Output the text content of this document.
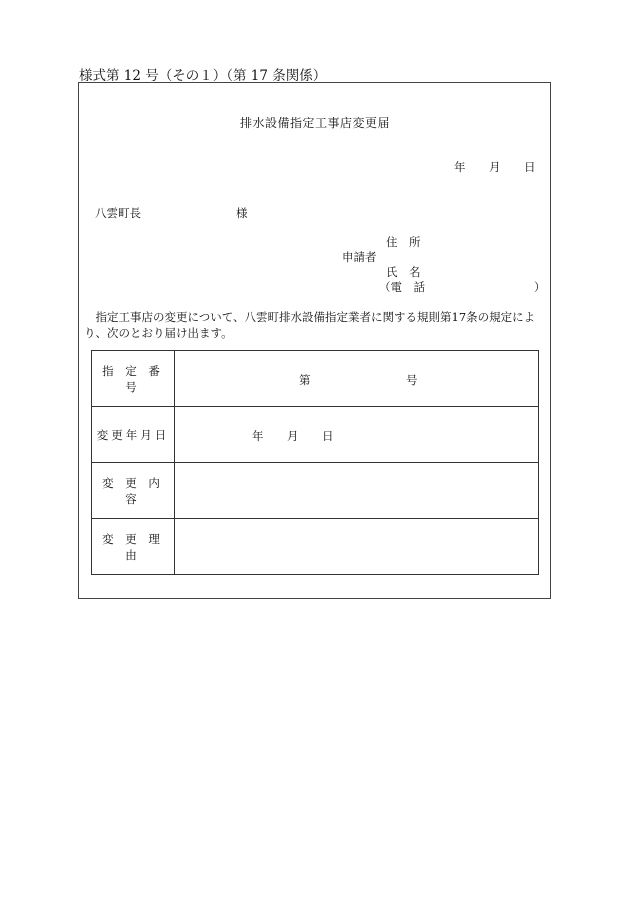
様式第 12 号（その１）（第 17 条関係）
排水設備指定工事店変更届
年 月 日
八雲町長	様
住　所
申請者
氏　名
（電　話	）
　指定工事店の変更について、八雲町排水設備指定業者に関する規則第17条の規定によ
り、次のとおり届け出ます。
指 定 番 号	第 号

変更年月日	年 月 日

変 更 内 容	
変 更 理 由	
